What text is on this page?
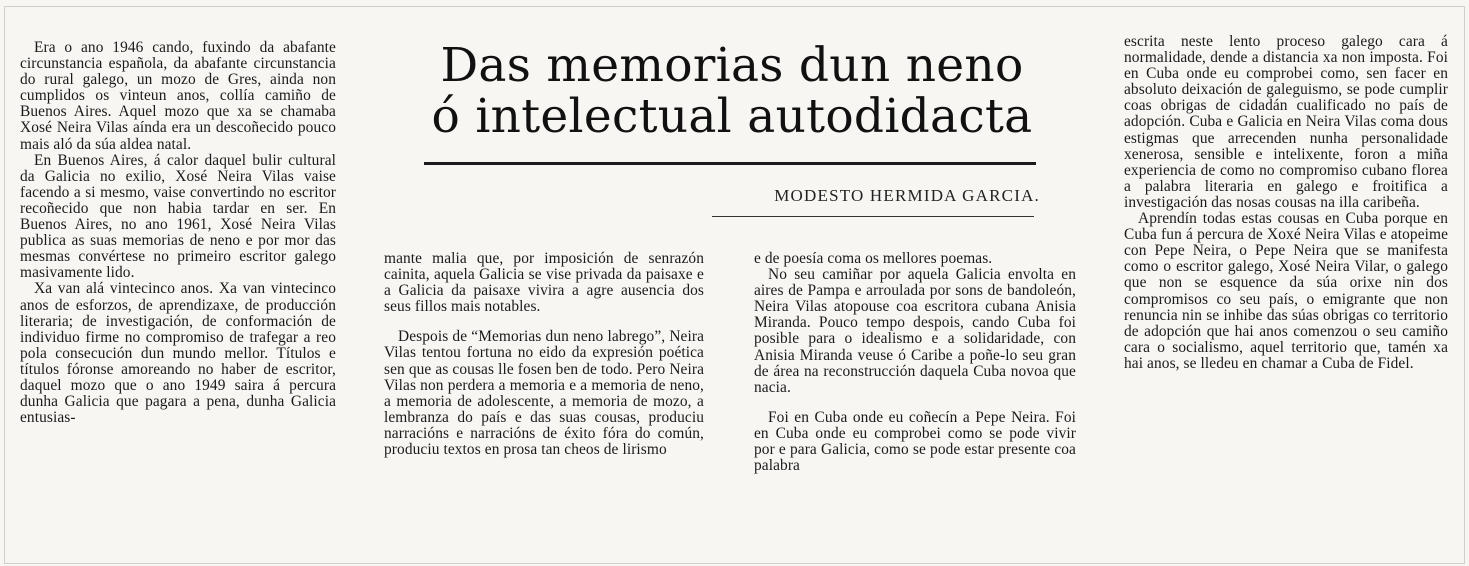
Era o ano 1946 cando, fuxindo da abafante circunstancia española, da abafante circunstancia do rural galego, un mozo de Gres, ainda non cumplidos os vinteun anos, collía camiño de Buenos Aires. Aquel mozo que xa se chamaba Xosé Neira Vilas aínda era un descoñecido pouco mais aló da súa aldea natal.

En Buenos Aires, á calor daquel bulir cultural da Galicia no exilio, Xosé Neira Vilas vaise facendo a si mesmo, vaise convertindo no escritor recoñecido que non habia tardar en ser. En Buenos Aires, no ano 1961, Xosé Neira Vilas publica as suas memorias de neno e por mor das mesmas convértese no primeiro escritor galego masivamente lido.

Xa van alá vintecinco anos. Xa van vintecinco anos de esforzos, de aprendizaxe, de producción literaria; de investigación, de conformación de individuo firme no compromiso de trafegar a reo pola consecución dun mundo mellor. Títulos e títulos fóronse amoreando no haber de escritor, daquel mozo que o ano 1949 saira á percura dunha Galicia que pagara a pena, dunha Galicia entusias-

Das memorias dun neno
ó intelectual autodidacta
MODESTO HERMIDA GARCIA.

mante malia que, por imposición de senrazón cainita, aquela Galicia se vise privada da paisaxe e a Galicia da paisaxe vivira a agre ausencia dos seus fillos mais notables.

Despois de “Memorias dun neno labrego”, Neira Vilas tentou fortuna no eido da expresión poética sen que as cousas lle fosen ben de todo. Pero Neira Vilas non perdera a memoria e a memoria de neno, a memoria de adolescente, a memoria de mozo, a lembranza do país e das suas cousas, produciu narracións e narracións de éxito fóra do común, produciu textos en prosa tan cheos de lirismo

e de poesía coma os mellores poemas.

No seu camiñar por aquela Galicia envolta en aires de Pampa e arroulada por sons de bandoleón, Neira Vilas atopouse coa escritora cubana Anisia Miranda. Pouco tempo despois, cando Cuba foi posible para o idealismo e a solidaridade, con Anisia Miranda veuse ó Caribe a poñe-lo seu gran de área na reconstrucción daquela Cuba novoa que nacia.

Foi en Cuba onde eu coñecín a Pepe Neira. Foi en Cuba onde eu comprobei como se pode vivir por e para Galicia, como se pode estar presente coa palabra

escrita neste lento proceso galego cara á normalidade, dende a distancia xa non imposta. Foi en Cuba onde eu comprobei como, sen facer en absoluto deixación de galeguismo, se pode cumplir coas obrigas de cidadán cualificado no país de adopción. Cuba e Galicia en Neira Vilas coma dous estigmas que arrecenden nunha personalidade xenerosa, sensible e intelixente, foron a miña experiencia de como no compromiso cubano florea a palabra literaria en galego e froitifica a investigación das nosas cousas na illa caribeña.

Aprendín todas estas cousas en Cuba porque en Cuba fun á percura de Xoxé Neira Vilas e atopeime con Pepe Neira, o Pepe Neira que se manifesta como o escritor galego, Xosé Neira Vilar, o galego que non se esquence da súa orixe nin dos compromisos co seu país, o emigrante que non renuncia nin se inhibe das súas obrigas co territorio de adopción que hai anos comenzou o seu camiño cara o socialismo, aquel territorio que, tamén xa hai anos, se lledeu en chamar a Cuba de Fidel.
